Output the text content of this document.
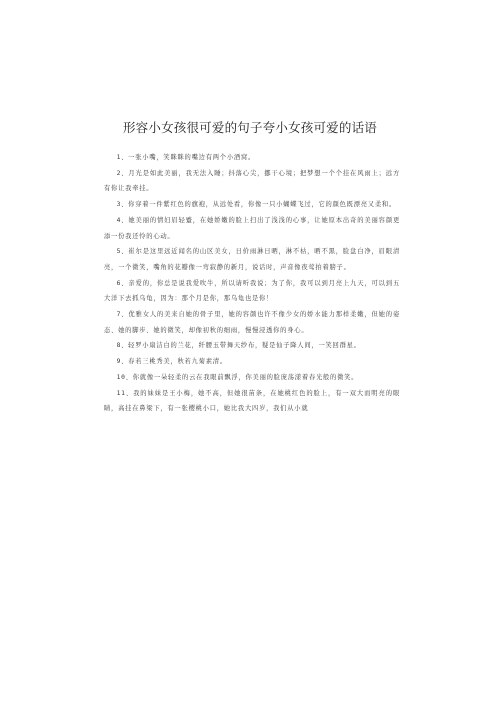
形容小女孩很可爱的句子夸小女孩可爱的话语

1、一张小嘴，笑眯眯的嘴边有两个小酒窝。

2、月光是如此美丽，我无法入睡；抖落心尖，挪干心境；把梦想一个个挂在风雨上；远方有你让我牵挂。

3、你穿着一件紫红色的旗袍，从远处看，你像一只小蝴蝶飞过，它的颜色既漂亮又柔和。

4、她美丽的情妇眉轻蹙，在她娇嫩的脸上扫出了浅浅的心事，让她原本出奇的美丽容颜更添一份我还怜的心动。

5、崔尔是这里远近闻名的山区美女，日价雨淋日晒，淋不枯，晒不黑，脸盘白净，眉眼清亮，一个微笑，嘴角的花瓣像一弯寂静的新月，说话时，声音像夜莺拍着膀子。

6、亲爱的，你总是说我爱吹牛，所以请听我说；为了你，我可以到月亮上九天，可以到五大洋下去抓乌龟，因为：那个月是你，那乌龟也是你！

7、优雅女人的美来自她的骨子里，她的容颜也许不像少女的娇水能力那样柔嫩，但她的姿态、她的脚步、她的微笑，却像初秋的细雨，慢慢浸透你的身心。

8、轻罗小扇洁白的兰花，纤腰玉带舞天纱布，疑是仙子降人间，一笑回群星。

9、春若三桃秀美，秋若九菊素清。

10、你就像一朵轻柔的云在我眼前飘浮，你美丽的脸庞荡漾着春光般的微笑。

11、我的妹妹是王小梅，她不高，但她很苗条，在她桃红色的脸上，有一双大而明亮的眼睛，高挂在鼻梁下，有一张樱桃小口，她比我大四岁，我们从小就
